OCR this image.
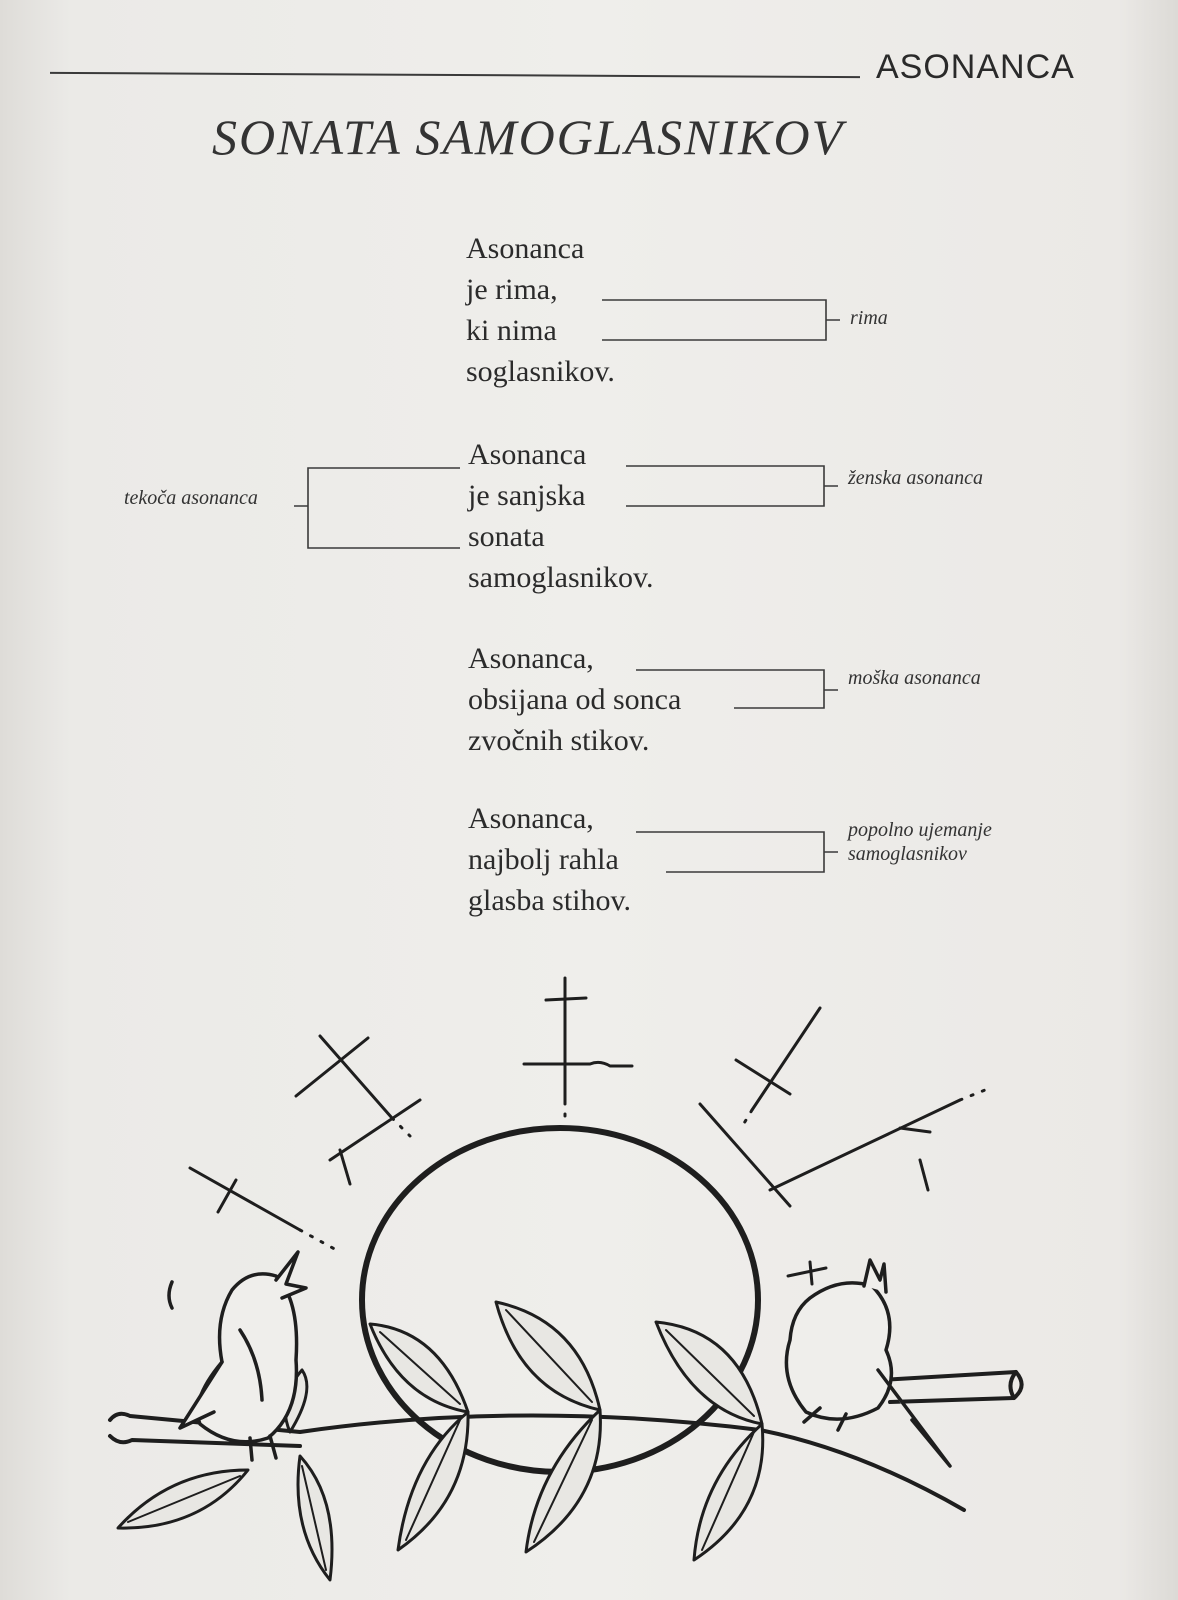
ASONANCA
SONATA SAMOGLASNIKOV
Asonanca
je rima,
ki nima
soglasnikov.
Asonanca
je sanjska
sonata
samoglasnikov.
Asonanca,
obsijana od sonca
zvočnih stikov.
Asonanca,
najbolj rahla
glasba stihov.
rima
tekoča asonanca
ženska asonanca
moška asonanca
popolno ujemanje
samoglasnikov
